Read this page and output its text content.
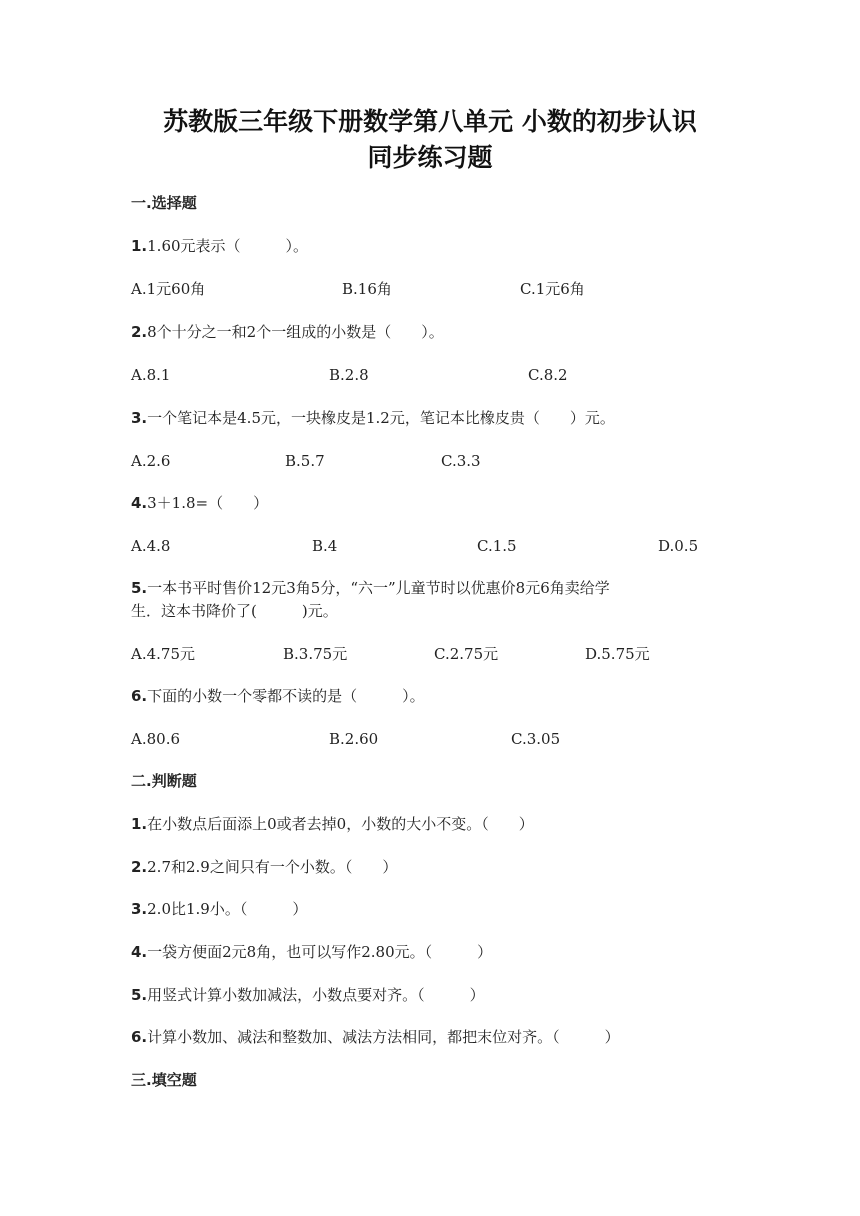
苏教版三年级下册数学第八单元 小数的初步认识
同步练习题
一.选择题
1.1.60元表示（　　　）。
A.1元60角	B.16角	C.1元6角
2.8个十分之一和2个一组成的小数是（　　）。
A.8.1	B.2.8	C.8.2
3.一个笔记本是4.5元，一块橡皮是1.2元，笔记本比橡皮贵（　　）元。
A.2.6	B.5.7	C.3.3
4.3＋1.8=（　　）
A.4.8	B.4	C.1.5	D.0.5
5.一本书平时售价12元3角5分，“六一”儿童节时以优惠价8元6角卖给学
生．这本书降价了(　　　)元。
A.4.75元	B.3.75元	C.2.75元	D.5.75元
6.下面的小数一个零都不读的是（　　　）。
A.80.6	B.2.60	C.3.05
二.判断题
1.在小数点后面添上0或者去掉0，小数的大小不变。（　　）
2.2.7和2.9之间只有一个小数。（　　）
3.2.0比1.9小。（　　　）
4.一袋方便面2元8角，也可以写作2.80元。（　　　）
5.用竖式计算小数加减法，小数点要对齐。（　　　）
6.计算小数加、减法和整数加、减法方法相同，都把末位对齐。（　　　）
三.填空题
